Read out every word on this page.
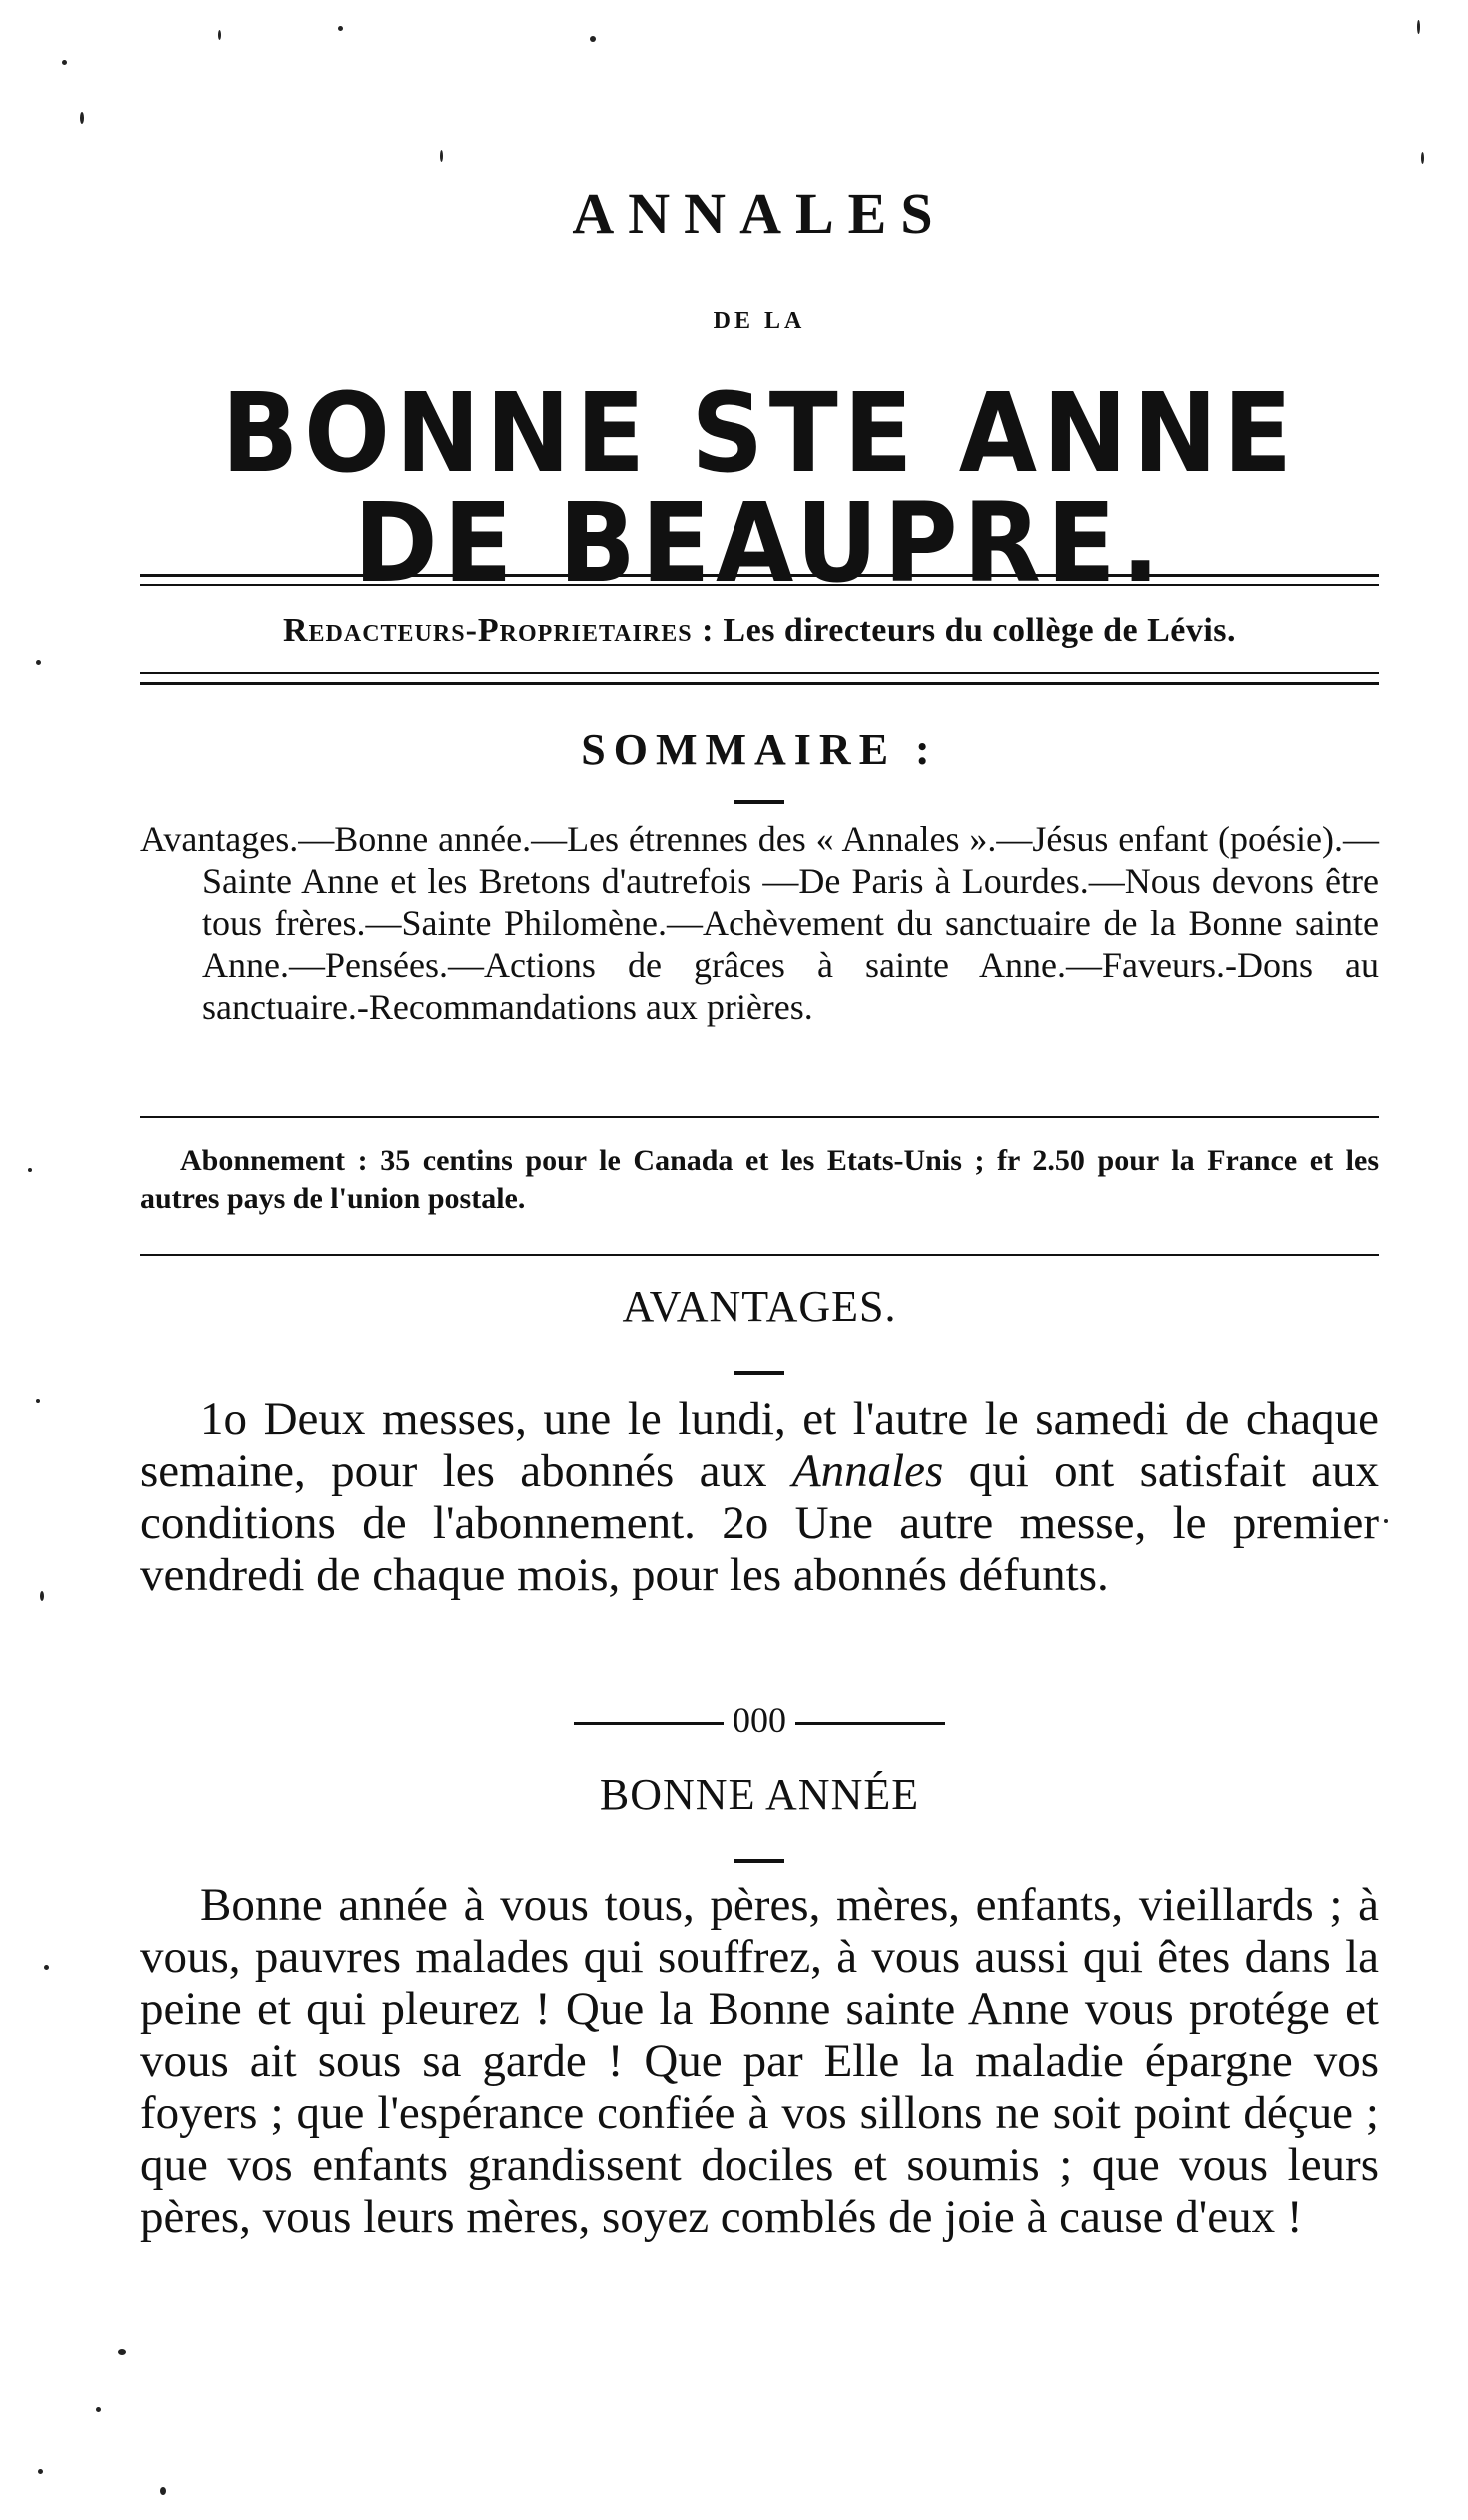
ANNALES
DE LA
BONNE STE ANNE DE BEAUPRE.
Redacteurs-Proprietaires : Les directeurs du collège de Lévis.
SOMMAIRE :
Avantages.—Bonne année.—Les étrennes des « Annales ».—Jésus enfant (poésie).—Sainte Anne et les Bretons d'autrefois —De Paris à Lourdes.—Nous devons être tous frères.—Sainte Philomène.—Achèvement du sanctuaire de la Bonne sainte Anne.—Pensées.—Actions de grâces à sainte Anne.—Faveurs.-Dons au sanctuaire.-Recommandations aux prières.
Abonnement : 35 centins pour le Canada et les Etats-Unis ; fr 2.50 pour la France et les autres pays de l'union postale.
AVANTAGES.
1o Deux messes, une le lundi, et l'autre le samedi de chaque semaine, pour les abonnés aux Annales qui ont satisfait aux conditions de l'abonnement. 2o Une autre messe, le premier vendredi de chaque mois, pour les abonnés défunts.
000
BONNE ANNÉE
Bonne année à vous tous, pères, mères, enfants, vieillards ; à vous, pauvres malades qui souffrez, à vous aussi qui êtes dans la peine et qui pleurez ! Que la Bonne sainte Anne vous protége et vous ait sous sa garde ! Que par Elle la maladie épargne vos foyers ; que l'espérance confiée à vos sillons ne soit point déçue ; que vos enfants grandissent dociles et soumis ; que vous leurs pères, vous leurs mères, soyez comblés de joie à cause d'eux !
